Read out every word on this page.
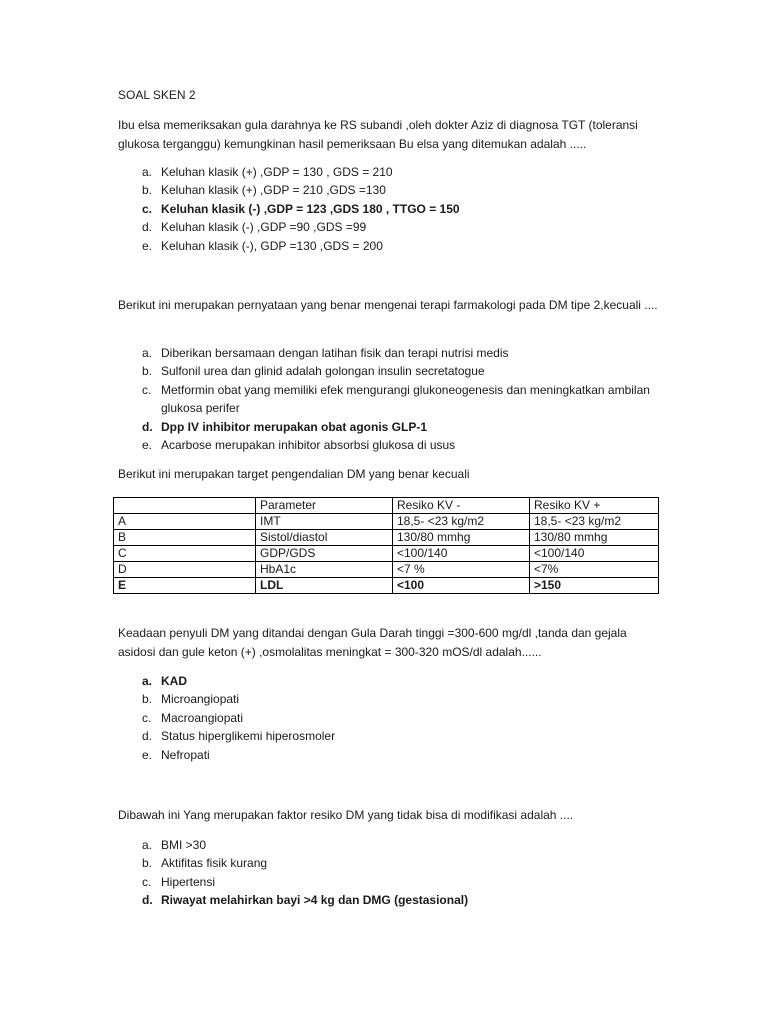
SOAL SKEN 2
Ibu elsa memeriksakan gula darahnya ke RS subandi ,oleh dokter Aziz di diagnosa TGT (toleransi glukosa terganggu) kemungkinan hasil pemeriksaan Bu elsa yang ditemukan adalah .....
a. Keluhan klasik (+) ,GDP = 130 , GDS = 210
b. Keluhan klasik (+) ,GDP = 210 ,GDS =130
c. Keluhan klasik (-) ,GDP = 123 ,GDS 180 , TTGO = 150
d. Keluhan klasik (-) ,GDP =90 ,GDS =99
e. Keluhan klasik (-), GDP =130 ,GDS = 200
Berikut ini merupakan pernyataan yang benar mengenai terapi farmakologi pada DM tipe 2,kecuali ....
a. Diberikan bersamaan dengan latihan fisik dan terapi nutrisi medis
b. Sulfonil urea dan glinid adalah golongan insulin secretatogue
c. Metformin obat yang memiliki efek mengurangi glukoneogenesis dan meningkatkan ambilan glukosa perifer
d. Dpp IV inhibitor merupakan obat agonis GLP-1
e. Acarbose merupakan inhibitor absorbsi glukosa di usus
Berikut ini merupakan target pengendalian DM yang benar kecuali
	Parameter	Resiko KV -	Resiko KV +
A	IMT	18,5- <23 kg/m2	18,5- <23 kg/m2
B	Sistol/diastol	130/80 mmhg	130/80 mmhg
C	GDP/GDS	<100/140	<100/140
D	HbA1c	<7 %	<7%
E	LDL	<100	>150
Keadaan penyuli DM yang ditandai dengan Gula Darah tinggi =300-600 mg/dl ,tanda dan gejala asidosi dan gule keton (+) ,osmolalitas meningkat = 300-320 mOS/dl adalah......
a. KAD
b. Microangiopati
c. Macroangiopati
d. Status hiperglikemi hiperosmoler
e. Nefropati
Dibawah ini Yang merupakan faktor resiko DM yang tidak bisa di modifikasi adalah ....
a. BMI >30
b. Aktifitas fisik kurang
c. Hipertensi
d. Riwayat melahirkan bayi >4 kg dan DMG (gestasional)
